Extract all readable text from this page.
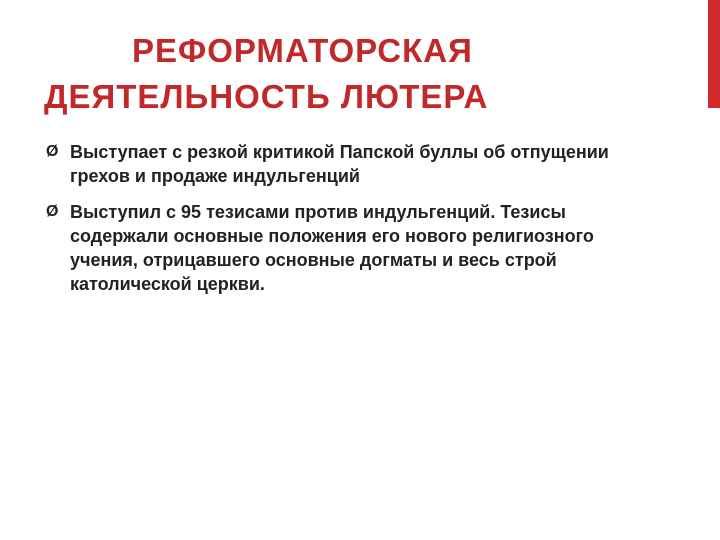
РЕФОРМАТОРСКАЯ
ДЕЯТЕЛЬНОСТЬ ЛЮТЕРА
Ø Выступает с резкой критикой Папской буллы об отпущении грехов и продаже индульгенций
Ø Выступил с 95 тезисами против индульгенций. Тезисы содержали основные положения его нового религиозного учения, отрицавшего основные догматы и весь строй католической церкви.
